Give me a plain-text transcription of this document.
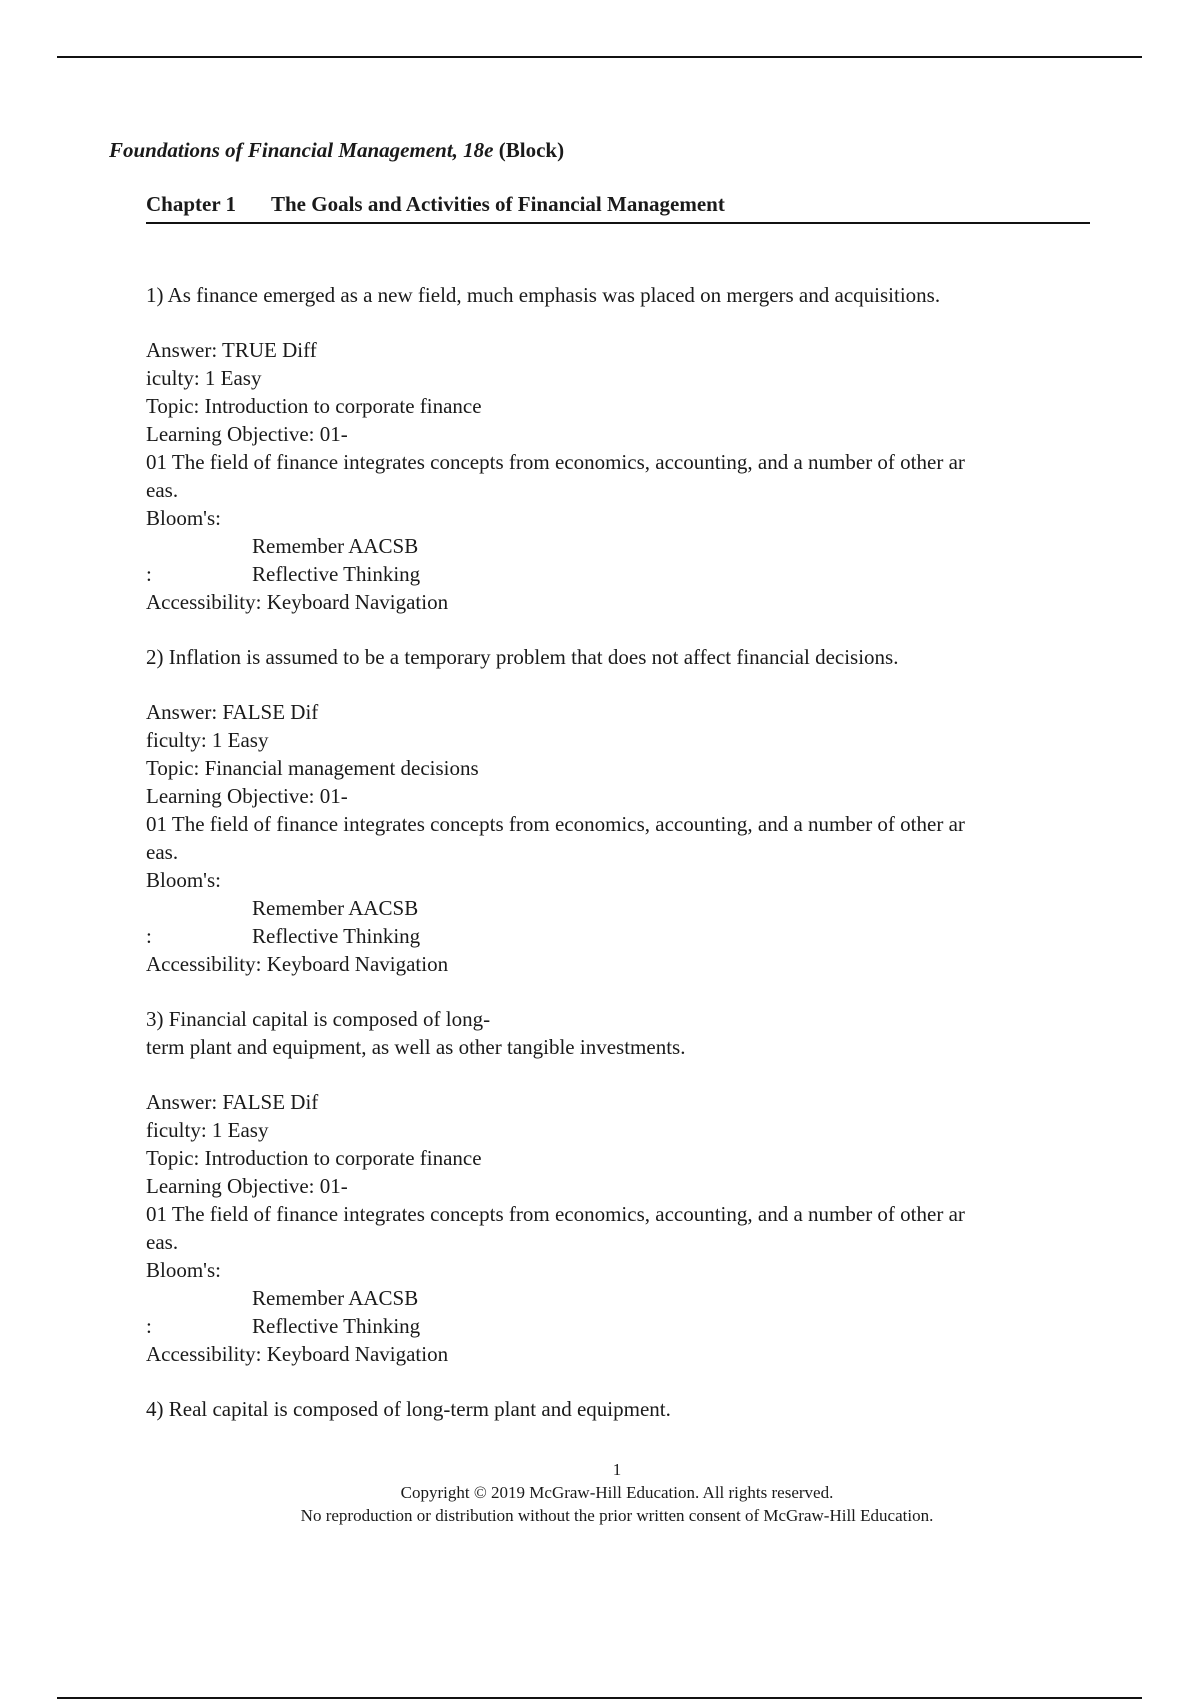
Foundations of Financial Management, 18e (Block)
Chapter 1 The Goals and Activities of Financial Management
1) As finance emerged as a new field, much emphasis was placed on mergers and acquisitions.
Answer: TRUE Diff
iculty: 1 Easy
Topic: Introduction to corporate finance
Learning Objective: 01-
01 The field of finance integrates concepts from economics, accounting, and a number of other ar
eas.
Bloom's:
Remember AACSB
:	Reflective Thinking
Accessibility: Keyboard Navigation
2) Inflation is assumed to be a temporary problem that does not affect financial decisions.
Answer: FALSE Dif
ficulty: 1 Easy
Topic: Financial management decisions
Learning Objective: 01-
01 The field of finance integrates concepts from economics, accounting, and a number of other ar
eas.
Bloom's:
Remember AACSB
:	Reflective Thinking
Accessibility: Keyboard Navigation
3) Financial capital is composed of long-
term plant and equipment, as well as other tangible investments.
Answer: FALSE Dif
ficulty: 1 Easy
Topic: Introduction to corporate finance
Learning Objective: 01-
01 The field of finance integrates concepts from economics, accounting, and a number of other ar
eas.
Bloom's:
Remember AACSB
:	Reflective Thinking
Accessibility: Keyboard Navigation
4) Real capital is composed of long-term plant and equipment.
1
Copyright © 2019 McGraw-Hill Education. All rights reserved.
No reproduction or distribution without the prior written consent of McGraw-Hill Education.
